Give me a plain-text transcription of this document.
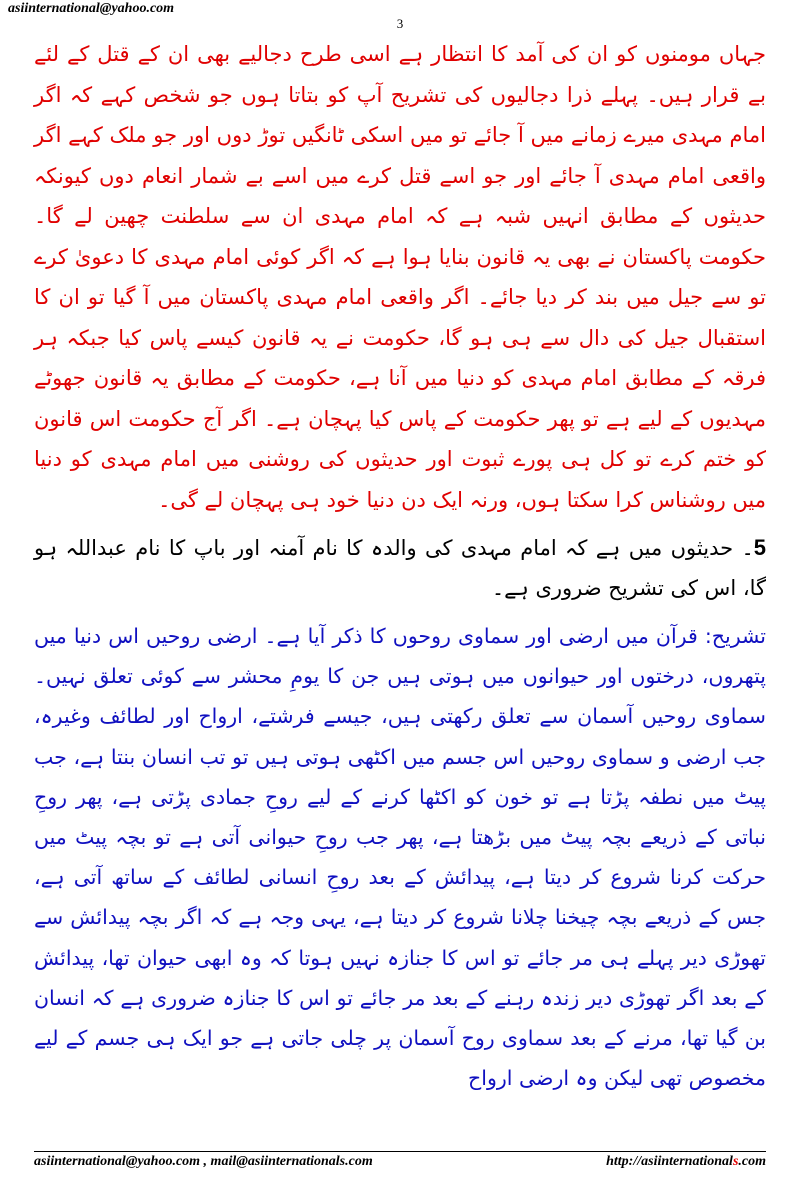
asiinternational@yahoo.com
3

جہاں مومنوں کو ان کی آمد کا انتظار ہے اسی طرح دجالیے بھی ان کے قتل کے لئے بے قرار ہیں۔ پہلے ذرا دجالیوں کی تشریح آپ کو بتاتا ہوں جو شخص کہے کہ اگر امام مہدی میرے زمانے میں آ جائے تو میں اسکی ٹانگیں توڑ دوں اور جو ملک کہے اگر واقعی امام مہدی آ جائے اور جو اسے قتل کرے میں اسے بے شمار انعام دوں کیونکہ حدیثوں کے مطابق انہیں شبہ ہے کہ امام مہدی ان سے سلطنت چھین لے گا۔ حکومت پاکستان نے بھی یہ قانون بنایا ہوا ہے کہ اگر کوئی امام مہدی کا دعویٰ کرے تو سے جیل میں بند کر دیا جائے۔ اگر واقعی امام مہدی پاکستان میں آ گیا تو ان کا استقبال جیل کی دال سے ہی ہو گا، حکومت نے یہ قانون کیسے پاس کیا جبکہ ہر فرقہ کے مطابق امام مہدی کو دنیا میں آنا ہے، حکومت کے مطابق یہ قانون جھوٹے مہدیوں کے لیے ہے تو پھر حکومت کے پاس کیا پہچان ہے۔ اگر آج حکومت اس قانون کو ختم کرے تو کل ہی پورے ثبوت اور حدیثوں کی روشنی میں امام مہدی کو دنیا میں روشناس کرا سکتا ہوں، ورنہ ایک دن دنیا خود ہی پہچان لے گی۔

5۔ حدیثوں میں ہے کہ امام مہدی کی والدہ کا نام آمنہ اور باپ کا نام عبداللہ ہو گا، اس کی تشریح ضروری ہے۔

تشریح: قرآن میں ارضی اور سماوی روحوں کا ذکر آیا ہے۔ ارضی روحیں اس دنیا میں پتھروں، درختوں اور حیوانوں میں ہوتی ہیں جن کا یومِ محشر سے کوئی تعلق نہیں۔ سماوی روحیں آسمان سے تعلق رکھتی ہیں، جیسے فرشتے، ارواح اور لطائف وغیرہ، جب ارضی و سماوی روحیں اس جسم میں اکٹھی ہوتی ہیں تو تب انسان بنتا ہے، جب پیٹ میں نطفہ پڑتا ہے تو خون کو اکٹھا کرنے کے لیے روحِ جمادی پڑتی ہے، پھر روحِ نباتی کے ذریعے بچہ پیٹ میں بڑھتا ہے، پھر جب روحِ حیوانی آتی ہے تو بچہ پیٹ میں حرکت کرنا شروع کر دیتا ہے، پیدائش کے بعد روحِ انسانی لطائف کے ساتھ آتی ہے، جس کے ذریعے بچہ چیخنا چلانا شروع کر دیتا ہے، یہی وجہ ہے کہ اگر بچہ پیدائش سے تھوڑی دیر پہلے ہی مر جائے تو اس کا جنازہ نہیں ہوتا کہ وہ ابھی حیوان تھا، پیدائش کے بعد اگر تھوڑی دیر زندہ رہنے کے بعد مر جائے تو اس کا جنازہ ضروری ہے کہ انسان بن گیا تھا، مرنے کے بعد سماوی روح آسمان پر چلی جاتی ہے جو ایک ہی جسم کے لیے مخصوص تھی لیکن وہ ارضی ارواح

asiinternational@yahoo.com , mail@asiinternationals.com	http://asiinternationals.com
